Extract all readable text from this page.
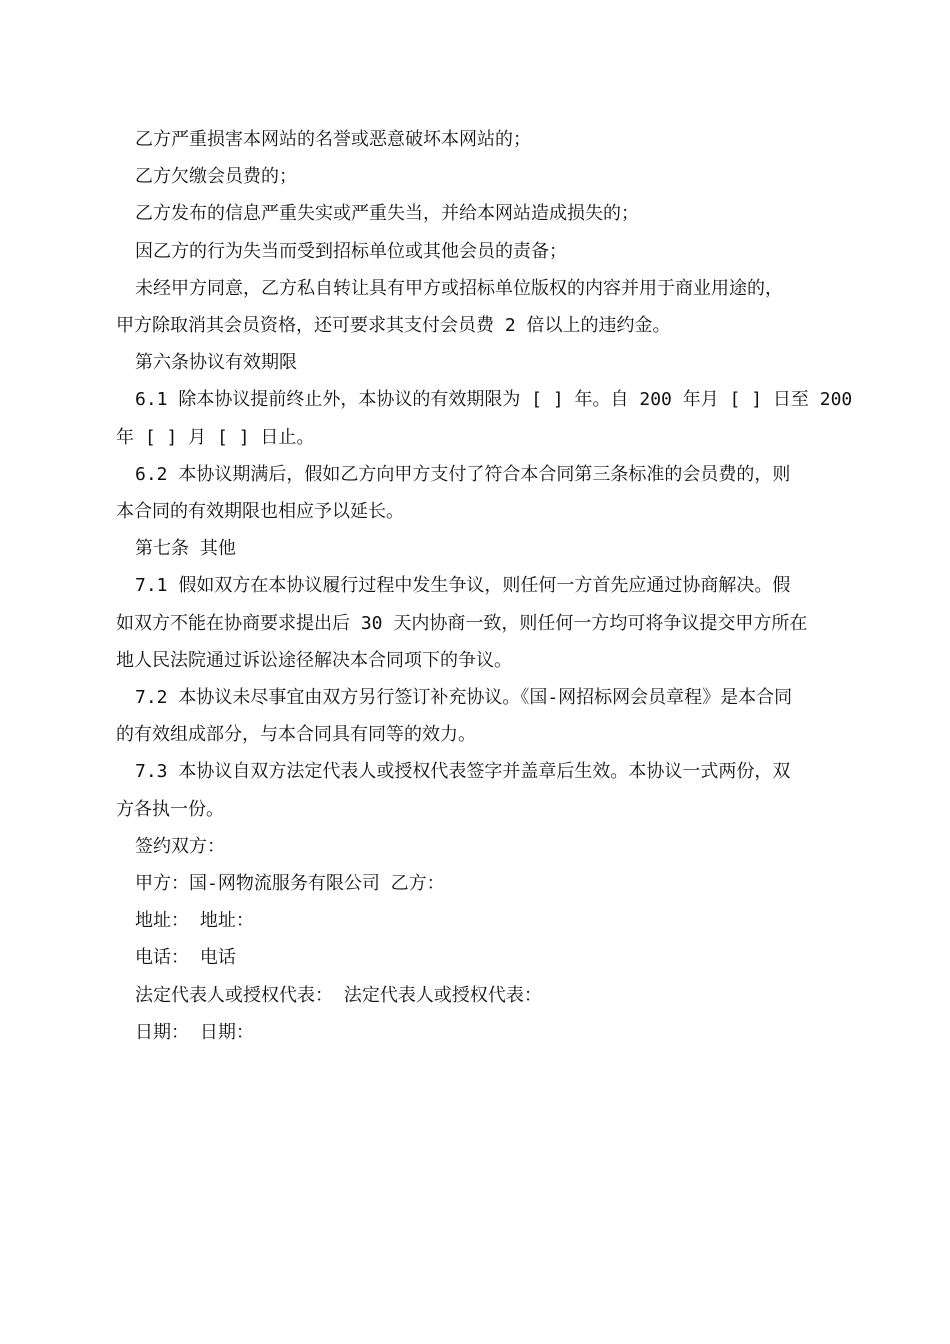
乙方严重损害本网站的名誉或恶意破坏本网站的；
乙方欠缴会员费的；
乙方发布的信息严重失实或严重失当，并给本网站造成损失的；
因乙方的行为失当而受到招标单位或其他会员的责备；
未经甲方同意，乙方私自转让具有甲方或招标单位版权的内容并用于商业用途的，
甲方除取消其会员资格，还可要求其支付会员费 2 倍以上的违约金。
第六条协议有效期限
6.1 除本协议提前终止外，本协议的有效期限为 [ ] 年。自 200 年月 [ ] 日至 200
年 [ ] 月 [ ] 日止。
6.2 本协议期满后，假如乙方向甲方支付了符合本合同第三条标准的会员费的，则
本合同的有效期限也相应予以延长。
第七条 其他
7.1 假如双方在本协议履行过程中发生争议，则任何一方首先应通过协商解决。假
如双方不能在协商要求提出后 30 天内协商一致，则任何一方均可将争议提交甲方所在
地人民法院通过诉讼途径解决本合同项下的争议。
7.2 本协议未尽事宜由双方另行签订补充协议。《国-网招标网会员章程》是本合同
的有效组成部分，与本合同具有同等的效力。
7.3 本协议自双方法定代表人或授权代表签字并盖章后生效。本协议一式两份，双
方各执一份。
签约双方：
甲方：国-网物流服务有限公司 乙方：
地址： 地址：
电话： 电话
法定代表人或授权代表： 法定代表人或授权代表：
日期： 日期：
